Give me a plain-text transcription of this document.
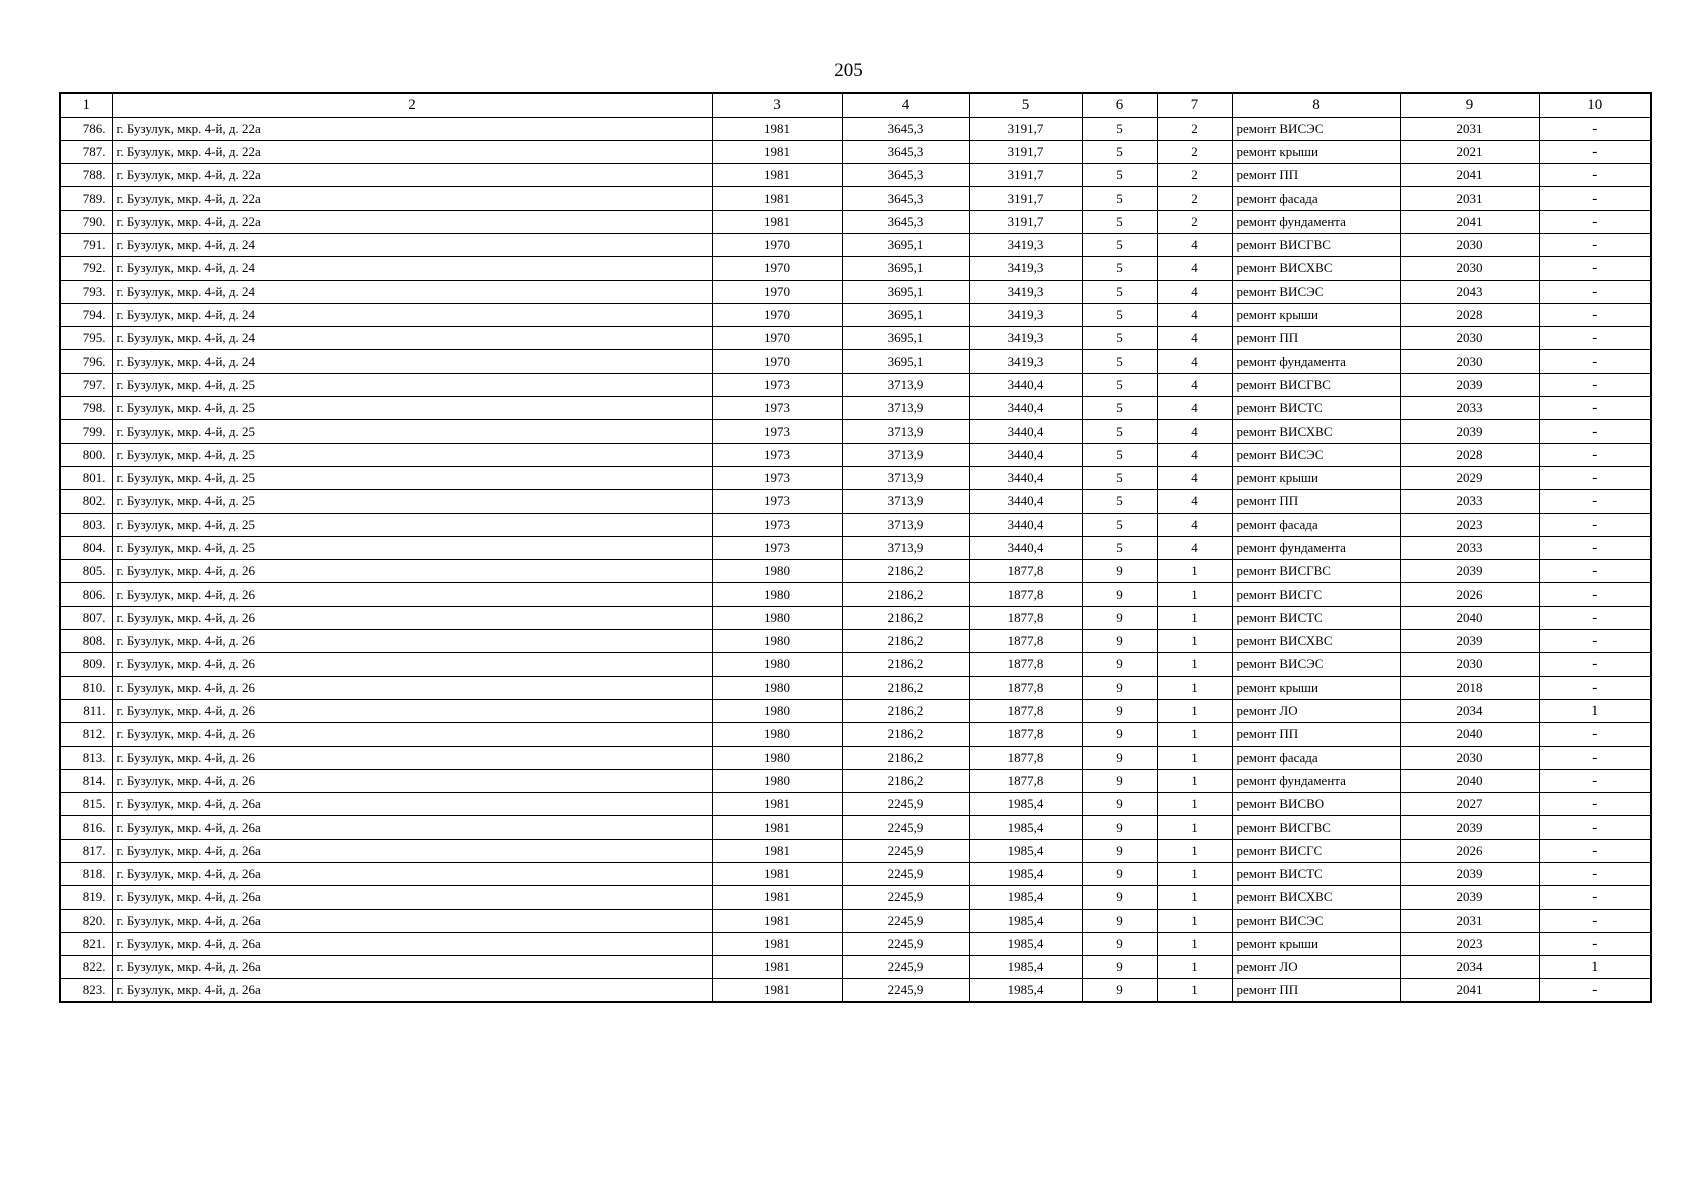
205
1	2	3	4	5	6	7	8	9	10
786.	г. Бузулук, мкр. 4-й, д. 22а	1981	3645,3	3191,7	5	2	ремонт ВИСЭС	2031	-
787.	г. Бузулук, мкр. 4-й, д. 22а	1981	3645,3	3191,7	5	2	ремонт крыши	2021	-
788.	г. Бузулук, мкр. 4-й, д. 22а	1981	3645,3	3191,7	5	2	ремонт ПП	2041	-
789.	г. Бузулук, мкр. 4-й, д. 22а	1981	3645,3	3191,7	5	2	ремонт фасада	2031	-
790.	г. Бузулук, мкр. 4-й, д. 22а	1981	3645,3	3191,7	5	2	ремонт фундамента	2041	-
791.	г. Бузулук, мкр. 4-й, д. 24	1970	3695,1	3419,3	5	4	ремонт ВИСГВС	2030	-
792.	г. Бузулук, мкр. 4-й, д. 24	1970	3695,1	3419,3	5	4	ремонт ВИСХВС	2030	-
793.	г. Бузулук, мкр. 4-й, д. 24	1970	3695,1	3419,3	5	4	ремонт ВИСЭС	2043	-
794.	г. Бузулук, мкр. 4-й, д. 24	1970	3695,1	3419,3	5	4	ремонт крыши	2028	-
795.	г. Бузулук, мкр. 4-й, д. 24	1970	3695,1	3419,3	5	4	ремонт ПП	2030	-
796.	г. Бузулук, мкр. 4-й, д. 24	1970	3695,1	3419,3	5	4	ремонт фундамента	2030	-
797.	г. Бузулук, мкр. 4-й, д. 25	1973	3713,9	3440,4	5	4	ремонт ВИСГВС	2039	-
798.	г. Бузулук, мкр. 4-й, д. 25	1973	3713,9	3440,4	5	4	ремонт ВИСТС	2033	-
799.	г. Бузулук, мкр. 4-й, д. 25	1973	3713,9	3440,4	5	4	ремонт ВИСХВС	2039	-
800.	г. Бузулук, мкр. 4-й, д. 25	1973	3713,9	3440,4	5	4	ремонт ВИСЭС	2028	-
801.	г. Бузулук, мкр. 4-й, д. 25	1973	3713,9	3440,4	5	4	ремонт крыши	2029	-
802.	г. Бузулук, мкр. 4-й, д. 25	1973	3713,9	3440,4	5	4	ремонт ПП	2033	-
803.	г. Бузулук, мкр. 4-й, д. 25	1973	3713,9	3440,4	5	4	ремонт фасада	2023	-
804.	г. Бузулук, мкр. 4-й, д. 25	1973	3713,9	3440,4	5	4	ремонт фундамента	2033	-
805.	г. Бузулук, мкр. 4-й, д. 26	1980	2186,2	1877,8	9	1	ремонт ВИСГВС	2039	-
806.	г. Бузулук, мкр. 4-й, д. 26	1980	2186,2	1877,8	9	1	ремонт ВИСГС	2026	-
807.	г. Бузулук, мкр. 4-й, д. 26	1980	2186,2	1877,8	9	1	ремонт ВИСТС	2040	-
808.	г. Бузулук, мкр. 4-й, д. 26	1980	2186,2	1877,8	9	1	ремонт ВИСХВС	2039	-
809.	г. Бузулук, мкр. 4-й, д. 26	1980	2186,2	1877,8	9	1	ремонт ВИСЭС	2030	-
810.	г. Бузулук, мкр. 4-й, д. 26	1980	2186,2	1877,8	9	1	ремонт крыши	2018	-
811.	г. Бузулук, мкр. 4-й, д. 26	1980	2186,2	1877,8	9	1	ремонт ЛО	2034	1
812.	г. Бузулук, мкр. 4-й, д. 26	1980	2186,2	1877,8	9	1	ремонт ПП	2040	-
813.	г. Бузулук, мкр. 4-й, д. 26	1980	2186,2	1877,8	9	1	ремонт фасада	2030	-
814.	г. Бузулук, мкр. 4-й, д. 26	1980	2186,2	1877,8	9	1	ремонт фундамента	2040	-
815.	г. Бузулук, мкр. 4-й, д. 26а	1981	2245,9	1985,4	9	1	ремонт ВИСВО	2027	-
816.	г. Бузулук, мкр. 4-й, д. 26а	1981	2245,9	1985,4	9	1	ремонт ВИСГВС	2039	-
817.	г. Бузулук, мкр. 4-й, д. 26а	1981	2245,9	1985,4	9	1	ремонт ВИСГС	2026	-
818.	г. Бузулук, мкр. 4-й, д. 26а	1981	2245,9	1985,4	9	1	ремонт ВИСТС	2039	-
819.	г. Бузулук, мкр. 4-й, д. 26а	1981	2245,9	1985,4	9	1	ремонт ВИСХВС	2039	-
820.	г. Бузулук, мкр. 4-й, д. 26а	1981	2245,9	1985,4	9	1	ремонт ВИСЭС	2031	-
821.	г. Бузулук, мкр. 4-й, д. 26а	1981	2245,9	1985,4	9	1	ремонт крыши	2023	-
822.	г. Бузулук, мкр. 4-й, д. 26а	1981	2245,9	1985,4	9	1	ремонт ЛО	2034	1
823.	г. Бузулук, мкр. 4-й, д. 26а	1981	2245,9	1985,4	9	1	ремонт ПП	2041	-
